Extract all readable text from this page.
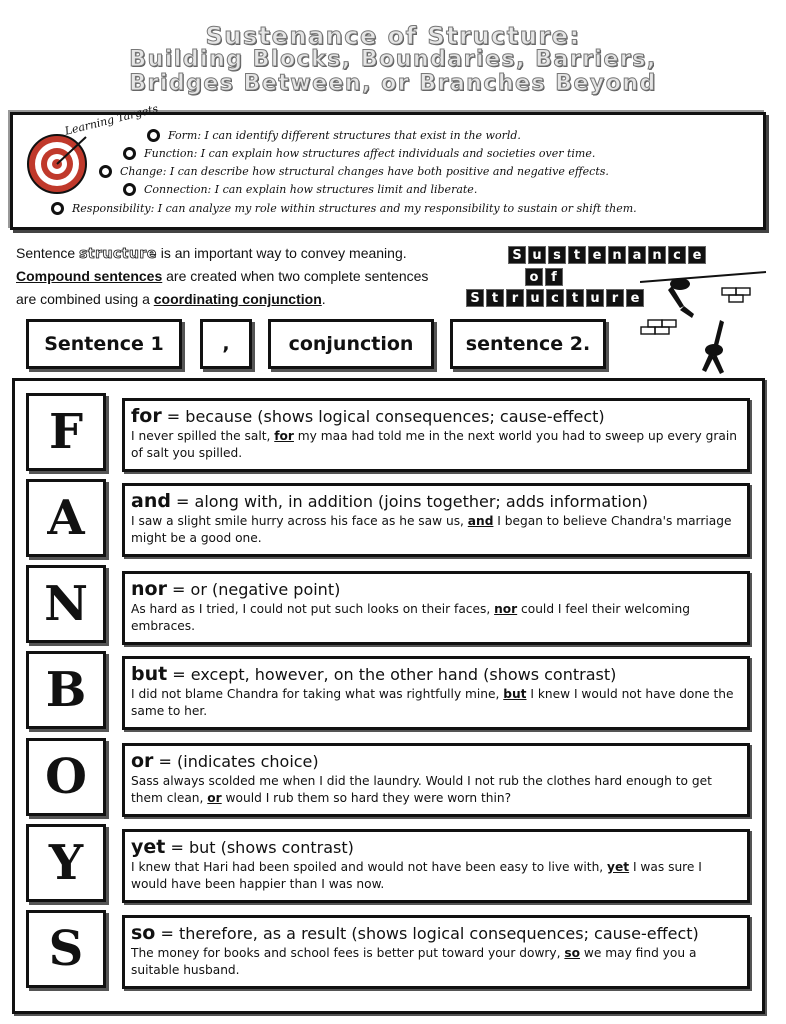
Sustenance of Structure:
Building Blocks, Boundaries, Barriers,
Bridges Between, or Branches Beyond
Learning Targets Form: I can identify different structures that exist in the world.
Function: I can explain how structures affect individuals and societies over time.
Change: I can describe how structural changes have both positive and negative effects.
Connection: I can explain how structures limit and liberate.
Responsibility: I can analyze my role within structures and my responsibility to sustain or shift them.
Sentence structure is an important way to convey meaning.
Compound sentences are created when two complete sentences
are combined using a coordinating conjunction.
S u s	t e n a n c e
o f
S t	r u c	t u r e
Sentence 1	,	conjunction	sentence 2.
F	for = because (shows logical consequences; cause-effect)
I never spilled the salt, for my maa had told me in the next world you had to sweep up every grain of salt you spilled.
A	and = along with, in addition (joins together; adds information)
I saw a slight smile hurry across his face as he saw us, and I began to believe Chandra's marriage might be a good one.
N	nor = or (negative point)
As hard as I tried, I could not put such looks on their faces, nor could I feel their welcoming embraces.
B	but = except, however, on the other hand (shows contrast)
I did not blame Chandra for taking what was rightfully mine, but I knew I would not have done the same to her.
O	or = (indicates choice)
Sass always scolded me when I did the laundry. Would I not rub the clothes hard enough to get them clean, or would I rub them so hard they were worn thin?
Y	yet = but (shows contrast)
I knew that Hari had been spoiled and would not have been easy to live with, yet I was sure I would have been happier than I was now.
S	so = therefore, as a result (shows logical consequences; cause-effect)
The money for books and school fees is better put toward your dowry, so we may find you a suitable husband.
